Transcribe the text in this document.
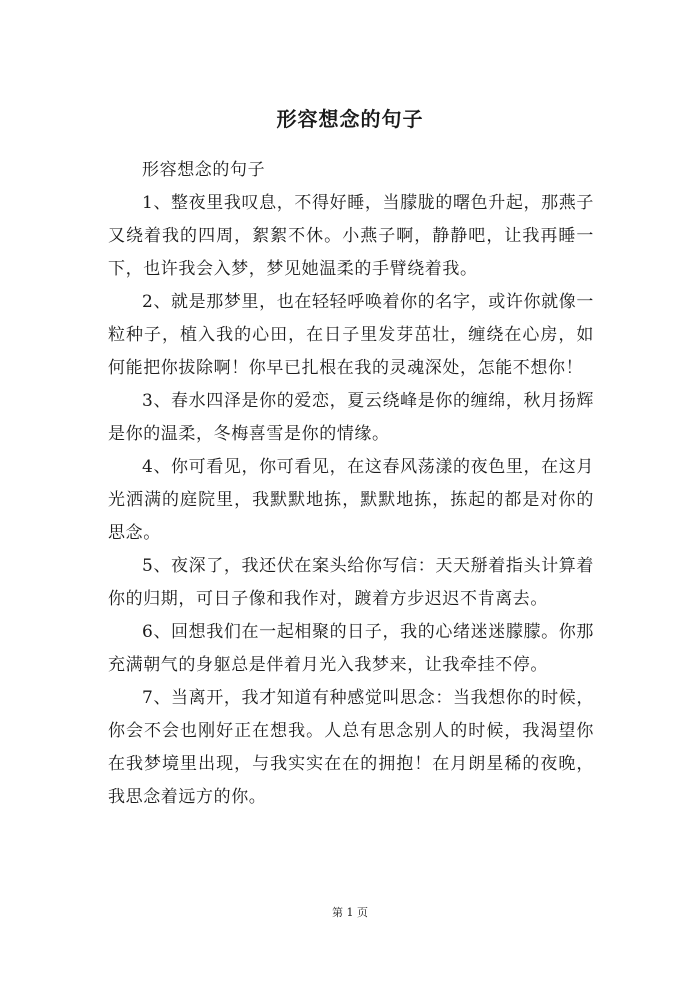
形容想念的句子

形容想念的句子

1、整夜里我叹息，不得好睡，当朦胧的曙色升起，那燕子又绕着我的四周，絮絮不休。小燕子啊，静静吧，让我再睡一下，也许我会入梦，梦见她温柔的手臂绕着我。

2、就是那梦里，也在轻轻呼唤着你的名字，或许你就像一粒种子，植入我的心田，在日子里发芽茁壮，缠绕在心房，如何能把你拔除啊！你早已扎根在我的灵魂深处，怎能不想你！

3、春水四泽是你的爱恋，夏云绕峰是你的缠绵，秋月扬辉是你的温柔，冬梅喜雪是你的情缘。

4、你可看见，你可看见，在这春风荡漾的夜色里，在这月光洒满的庭院里，我默默地拣，默默地拣，拣起的都是对你的思念。

5、夜深了，我还伏在案头给你写信：天天掰着指头计算着你的归期，可日子像和我作对，踱着方步迟迟不肯离去。

6、回想我们在一起相聚的日子，我的心绪迷迷朦朦。你那充满朝气的身躯总是伴着月光入我梦来，让我牵挂不停。

7、当离开，我才知道有种感觉叫思念：当我想你的时候，你会不会也刚好正在想我。人总有思念别人的时候，我渴望你在我梦境里出现，与我实实在在的拥抱！在月朗星稀的夜晚，我思念着远方的你。

第 1 页
